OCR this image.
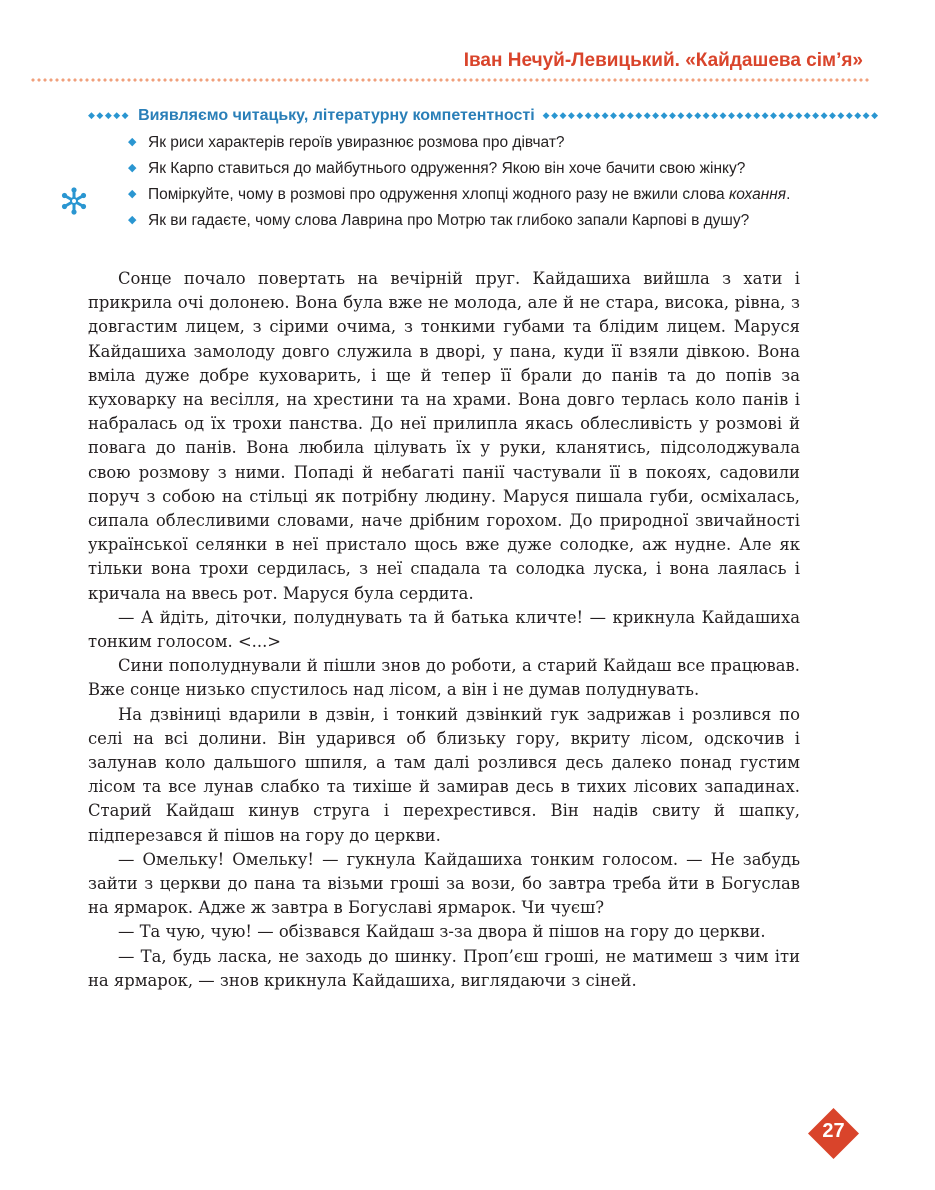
Іван Нечуй-Левицький. «Кайдашева сім’я»
◆◆◆◆◆ Виявляємо читацьку, літературну компетентності ◆◆◆◆◆◆◆◆◆◆◆◆◆◆◆◆◆◆◆◆◆◆◆◆◆◆◆◆◆◆◆◆◆◆◆◆◆◆◆◆
◆ Як риси характерів героїв увиразнює розмова про дівчат?
◆ Як Карпо ставиться до майбутнього одруження? Якою він хоче бачити свою жінку?
◆ Поміркуйте, чому в розмові про одруження хлопці жодного разу не вжили слова кохання.
◆ Як ви гадаєте, чому слова Лаврина про Мотрю так глибоко запали Карпові в душу?

Сонце почало повертать на вечірній пруг. Кайдашиха вийшла з хати і прикрила очі долонею. Вона була вже не молода, але й не стара, висока, рівна, з довгастим лицем, з сірими очима, з тонкими губами та блідим лицем. Маруся Кайдашиха замолоду довго служила в дворі, у пана, куди її взяли дівкою. Вона вміла дуже добре куховарить, і ще й тепер її брали до панів та до попів за куховарку на весілля, на хрестини та на храми. Вона довго терлась коло панів і набралась од їх трохи панства. До неї прилипла якась облесливість у розмові й повага до панів. Вона любила цілувать їх у руки, кланятись, підсолоджувала свою розмову з ними. Попаді й небагаті панії частували її в покоях, садовили поруч з собою на стільці як потрібну людину. Маруся пишала губи, осміхалась, сипала облесливими словами, наче дрібним горохом. До природної звичайності української селянки в неї пристало щось вже дуже солодке, аж нудне. Але як тільки вона трохи сердилась, з неї спадала та солодка луска, і вона лаялась і кричала на ввесь рот. Маруся була сердита.

— А йдіть, діточки, полуднувать та й батька кличте! — крикнула Кайдашиха тонким голосом. <...>

Сини пополуднували й пішли знов до роботи, а старий Кайдаш все працював. Вже сонце низько спустилось над лісом, а він і не думав полуднувать.

На дзвіниці вдарили в дзвін, і тонкий дзвінкий гук задрижав і розлився по селі на всі долини. Він ударився об близьку гору, вкриту лісом, одскочив і залунав коло дальшого шпиля, а там далі розлився десь далеко понад густим лісом та все лунав слабко та тихіше й замирав десь в тихих лісових западинах. Старий Кайдаш кинув струга і перехрестився. Він надів свиту й шапку, підперезався й пішов на гору до церкви.

— Омельку! Омельку! — гукнула Кайдашиха тонким голосом. — Не забудь зайти з церкви до пана та візьми гроші за вози, бо завтра треба йти в Богуслав на ярмарок. Адже ж завтра в Богуславі ярмарок. Чи чуєш?

— Та чую, чую! — обізвався Кайдаш з-за двора й пішов на гору до церкви.

— Та, будь ласка, не заходь до шинку. Проп’єш гроші, не матимеш з чим іти на ярмарок, — знов крикнула Кайдашиха, виглядаючи з сіней.

27
